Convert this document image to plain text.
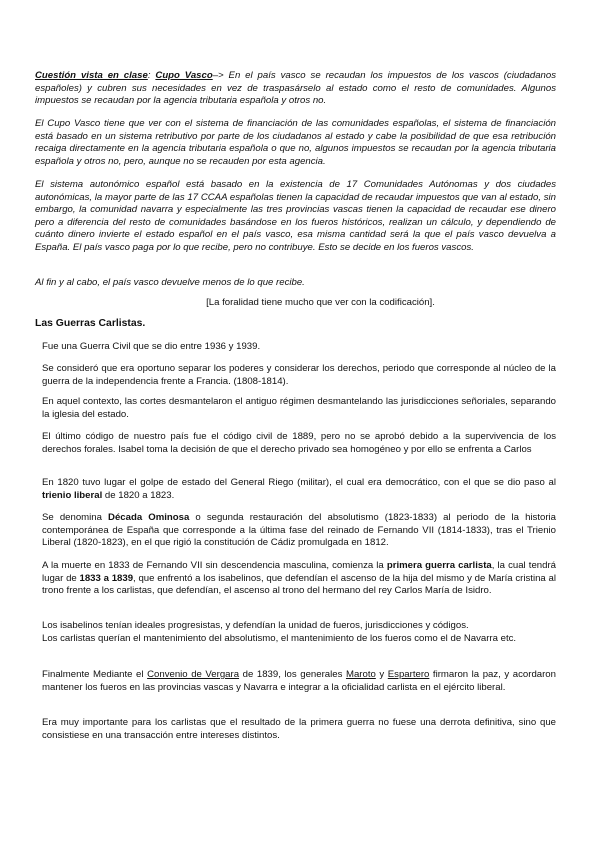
Cuestión vista en clase: Cupo Vasco–> En el país vasco se recaudan los impuestos de los vascos (ciudadanos españoles) y cubren sus necesidades en vez de traspasárselo al estado como el resto de comunidades. Algunos impuestos se recaudan por la agencia tributaria española y otros no.

El Cupo Vasco tiene que ver con el sistema de financiación de las comunidades españolas, el sistema de financiación está basado en un sistema retributivo por parte de los ciudadanos al estado y cabe la posibilidad de que esa retribución recaiga directamente en la agencia tributaria española o que no, algunos impuestos se recaudan por la agencia tributaria española y otros no, pero, aunque no se recauden por esta agencia.

El sistema autonómico español está basado en la existencia de 17 Comunidades Autónomas y dos ciudades autonómicas, la mayor parte de las 17 CCAA españolas tienen la capacidad de recaudar impuestos que van al estado, sin embargo, la comunidad navarra y especialmente las tres provincias vascas tienen la capacidad de recaudar ese dinero pero a diferencia del resto de comunidades basándose en los fueros históricos, realizan un cálculo, y dependiendo de cuánto dinero invierte el estado español en el país vasco, esa misma cantidad será la que el país vasco devuelva a España. El país vasco paga por lo que recibe, pero no contribuye. Esto se decide en los fueros vascos.

Al fin y al cabo, el país vasco devuelve menos de lo que recibe.

[La foralidad tiene mucho que ver con la codificación].

Las Guerras Carlistas.

Fue una Guerra Civil que se dio entre 1936 y 1939.

Se consideró que era oportuno separar los poderes y considerar los derechos, periodo que corresponde al núcleo de la guerra de la independencia frente a Francia. (1808-1814).

En aquel contexto, las cortes desmantelaron el antiguo régimen desmantelando las jurisdicciones señoriales, separando la iglesia del estado.

El último código de nuestro país fue el código civil de 1889, pero no se aprobó debido a la supervivencia de los derechos forales. Isabel toma la decisión de que el derecho privado sea homogéneo y por ello se enfrenta a Carlos

En 1820 tuvo lugar el golpe de estado del General Riego (militar), el cual era democrático, con el que se dio paso al trienio liberal de 1820 a 1823.

Se denomina Década Ominosa o segunda restauración del absolutismo (1823-1833) al periodo de la historia contemporánea de España que corresponde a la última fase del reinado de Fernando VII (1814-1833), tras el Trienio Liberal (1820-1823), en el que rigió la constitución de Cádiz promulgada en 1812.

A la muerte en 1833 de Fernando VII sin descendencia masculina, comienza la primera guerra carlista, la cual tendrá lugar de 1833 a 1839, que enfrentó a los isabelinos, que defendían el ascenso de la hija del mismo y de María cristina al trono frente a los carlistas, que defendían, el ascenso al trono del hermano del rey Carlos María de Isidro.

Los isabelinos tenían ideales progresistas, y defendían la unidad de fueros, jurisdicciones y códigos.

Los carlistas querían el mantenimiento del absolutismo, el mantenimiento de los fueros como el de Navarra etc.

Finalmente Mediante el Convenio de Vergara de 1839, los generales Maroto y Espartero firmaron la paz, y acordaron mantener los fueros en las provincias vascas y Navarra e integrar a la oficialidad carlista en el ejército liberal.

Era muy importante para los carlistas que el resultado de la primera guerra no fuese una derrota definitiva, sino que consistiese en una transacción entre intereses distintos.
